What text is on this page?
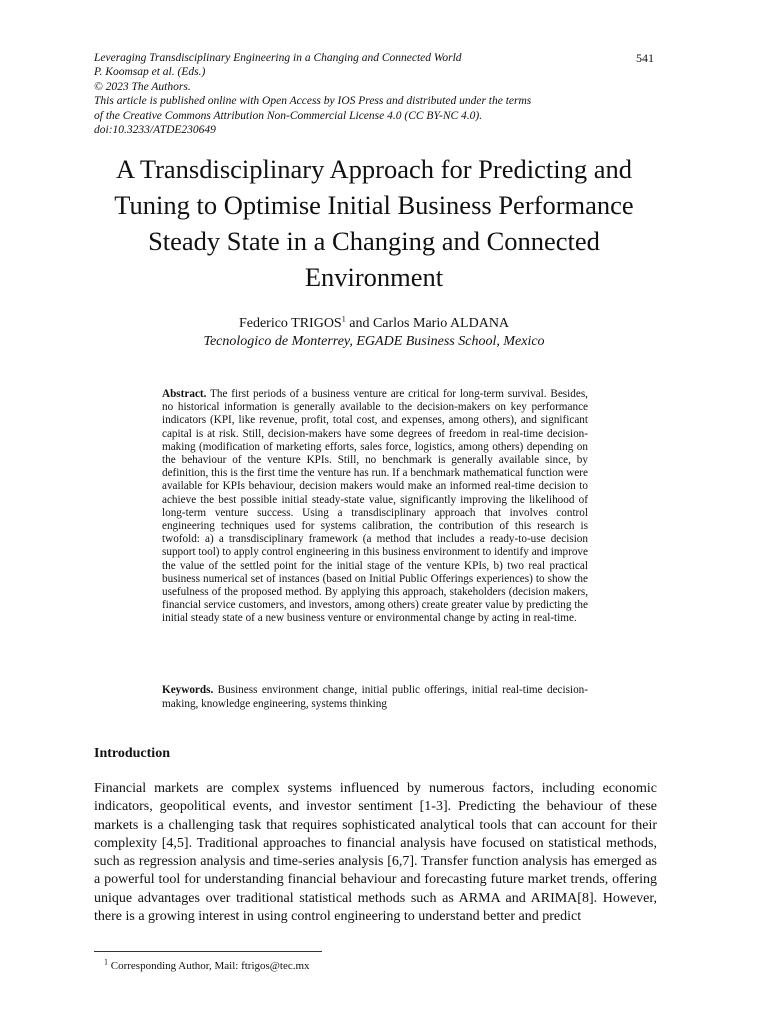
Leveraging Transdisciplinary Engineering in a Changing and Connected World
P. Koomsap et al. (Eds.)
© 2023 The Authors.
This article is published online with Open Access by IOS Press and distributed under the terms
of the Creative Commons Attribution Non-Commercial License 4.0 (CC BY-NC 4.0).
doi:10.3233/ATDE230649
541
A Transdisciplinary Approach for Predicting and Tuning to Optimise Initial Business Performance Steady State in a Changing and Connected Environment
Federico TRIGOS$^1$ and Carlos Mario ALDANA
Tecnologico de Monterrey, EGADE Business School, Mexico
Abstract. The first periods of a business venture are critical for long-term survival. Besides, no historical information is generally available to the decision-makers on key performance indicators (KPI, like revenue, profit, total cost, and expenses, among others), and significant capital is at risk. Still, decision-makers have some degrees of freedom in real-time decision-making (modification of marketing efforts, sales force, logistics, among others) depending on the behaviour of the venture KPIs. Still, no benchmark is generally available since, by definition, this is the first time the venture has run. If a benchmark mathematical function were available for KPIs behaviour, decision makers would make an informed real-time decision to achieve the best possible initial steady-state value, significantly improving the likelihood of long-term venture success. Using a transdisciplinary approach that involves control engineering techniques used for systems calibration, the contribution of this research is twofold: a) a transdisciplinary framework (a method that includes a ready-to-use decision support tool) to apply control engineering in this business environment to identify and improve the value of the settled point for the initial stage of the venture KPIs, b) two real practical business numerical set of instances (based on Initial Public Offerings experiences) to show the usefulness of the proposed method. By applying this approach, stakeholders (decision makers, financial service customers, and investors, among others) create greater value by predicting the initial steady state of a new business venture or environmental change by acting in real-time.
Keywords. Business environment change, initial public offerings, initial real-time decision-making, knowledge engineering, systems thinking
Introduction
Financial markets are complex systems influenced by numerous factors, including economic indicators, geopolitical events, and investor sentiment [1-3]. Predicting the behaviour of these markets is a challenging task that requires sophisticated analytical tools that can account for their complexity [4,5]. Traditional approaches to financial analysis have focused on statistical methods, such as regression analysis and time-series analysis [6,7]. Transfer function analysis has emerged as a powerful tool for understanding financial behaviour and forecasting future market trends, offering unique advantages over traditional statistical methods such as ARMA and ARIMA[8]. However, there is a growing interest in using control engineering to understand better and predict
$^1$ Corresponding Author, Mail: ftrigos@tec.mx
